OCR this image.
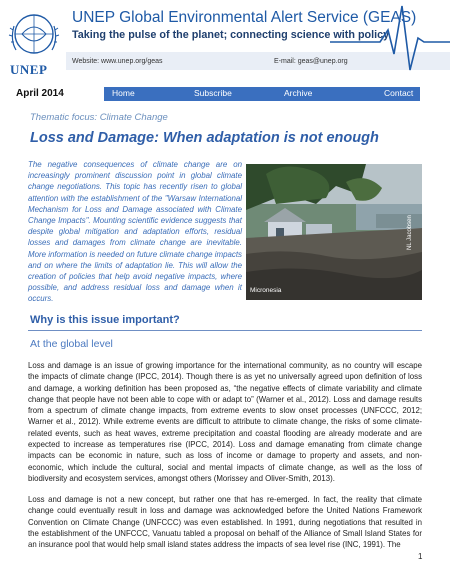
UNEP
UNEP Global Environmental Alert Service (GEAS)
Taking the pulse of the planet; connecting science with policy
Website: www.unep.org/geas	E-mail: geas@unep.org
April 2014	Home	Subscribe	Archive	Contact
Thematic focus: Climate Change
Loss and Damage: When adaptation is not enough

The negative consequences of climate change are on increasingly prominent discussion point in global climate change negotiations. This topic has recently risen to global attention with the establishment of the "Warsaw International Mechanism for Loss and Damage associated with Climate Change Impacts". Mounting scientific evidence suggests that despite global mitigation and adaptation efforts, residual losses and damages from climate change are inevitable. More information is needed on future climate change impacts and on where the limits of adaptation lie. This will allow the creation of policies that help avoid negative impacts, where possible, and address residual loss and damage when it occurs.

Micronesia
NL Jacobsen
Why is this issue important?
At the global level

Loss and damage is an issue of growing importance for the international community, as no country will escape the impacts of climate change (IPCC, 2014). Though there is as yet no universally agreed upon definition of loss and damage, a working definition has been proposed as, “the negative effects of climate variability and climate change that people have not been able to cope with or adapt to” (Warner et al., 2012). Loss and damage results from a spectrum of climate change impacts, from extreme events to slow onset processes (UNFCCC, 2012; Warner et al., 2012). While extreme events are difficult to attribute to climate change, the risks of some climate-related events, such as heat waves, extreme precipitation and coastal flooding are already moderate and are expected to increase as temperatures rise (IPCC, 2014). Loss and damage emanating from climate change impacts can be economic in nature, such as loss of income or damage to property and assets, and non-economic, which include the cultural, social and mental impacts of climate change, as well as the loss of biodiversity and ecosystem services, amongst others (Morissey and Oliver-Smith, 2013).

Loss and damage is not a new concept, but rather one that has re-emerged. In fact, the reality that climate change could eventually result in loss and damage was acknowledged before the United Nations Framework Convention on Climate Change (UNFCCC) was even established. In 1991, during negotiations that resulted in the establishment of the UNFCCC, Vanuatu tabled a proposal on behalf of the Alliance of Small Island States for an insurance pool that would help small island states address the impacts of sea level rise (INC, 1991). The

1
